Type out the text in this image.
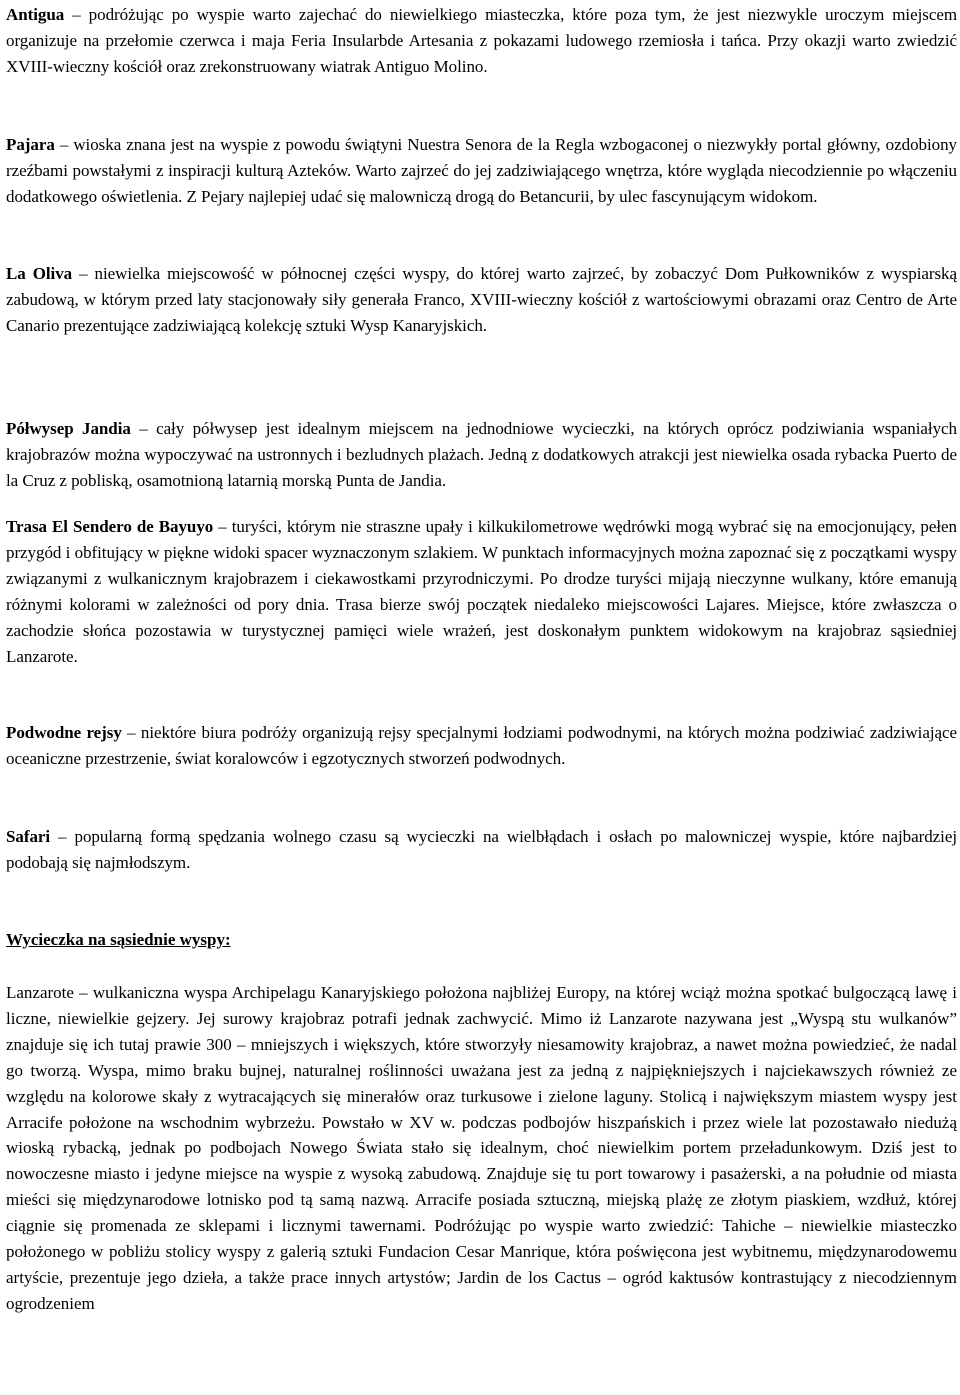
Antigua – podróżując po wyspie warto zajechać do niewielkiego miasteczka, które poza tym, że jest niezwykle uroczym miejscem organizuje na przełomie czerwca i maja Feria Insularbde Artesania z pokazami ludowego rzemiosła i tańca. Przy okazji warto zwiedzić XVIII-wieczny kościół oraz zrekonstruowany wiatrak Antiguo Molino.

Pajara – wioska znana jest na wyspie z powodu świątyni Nuestra Senora de la Regla wzbogaconej o niezwykły portal główny, ozdobiony rzeźbami powstałymi z inspiracji kulturą Azteków. Warto zajrzeć do jej zadziwiającego wnętrza, które wygląda niecodziennie po włączeniu dodatkowego oświetlenia. Z Pejary najlepiej udać się malowniczą drogą do Betancurii, by ulec fascynującym widokom.

La Oliva – niewielka miejscowość w północnej części wyspy, do której warto zajrzeć, by zobaczyć Dom Pułkowników z wyspiarską zabudową, w którym przed laty stacjonowały siły generała Franco, XVIII-wieczny kościół z wartościowymi obrazami oraz Centro de Arte Canario prezentujące zadziwiającą kolekcję sztuki Wysp Kanaryjskich.

Półwysep Jandia – cały półwysep jest idealnym miejscem na jednodniowe wycieczki, na których oprócz podziwiania wspaniałych krajobrazów można wypoczywać na ustronnych i bezludnych plażach. Jedną z dodatkowych atrakcji jest niewielka osada rybacka Puerto de la Cruz z pobliską, osamotnioną latarnią morską Punta de Jandia.

Trasa El Sendero de Bayuyo – turyści, którym nie straszne upały i kilkukilometrowe wędrówki mogą wybrać się na emocjonujący, pełen przygód i obfitujący w piękne widoki spacer wyznaczonym szlakiem. W punktach informacyjnych można zapoznać się z początkami wyspy związanymi z wulkanicznym krajobrazem i ciekawostkami przyrodniczymi. Po drodze turyści mijają nieczynne wulkany, które emanują różnymi kolorami w zależności od pory dnia. Trasa bierze swój początek niedaleko miejscowości Lajares. Miejsce, które zwłaszcza o zachodzie słońca pozostawia w turystycznej pamięci wiele wrażeń, jest doskonałym punktem widokowym na krajobraz sąsiedniej Lanzarote.

Podwodne rejsy – niektóre biura podróży organizują rejsy specjalnymi łodziami podwodnymi, na których można podziwiać zadziwiające oceaniczne przestrzenie, świat koralowców i egzotycznych stworzeń podwodnych.

Safari – popularną formą spędzania wolnego czasu są wycieczki na wielbłądach i osłach po malowniczej wyspie, które najbardziej podobają się najmłodszym.

Wycieczka na sąsiednie wyspy:

Lanzarote – wulkaniczna wyspa Archipelagu Kanaryjskiego położona najbliżej Europy, na której wciąż można spotkać bulgoczącą lawę i liczne, niewielkie gejzery. Jej surowy krajobraz potrafi jednak zachwycić. Mimo iż Lanzarote nazywana jest „Wyspą stu wulkanów” znajduje się ich tutaj prawie 300 – mniejszych i większych, które stworzyły niesamowity krajobraz, a nawet można powiedzieć, że nadal go tworzą. Wyspa, mimo braku bujnej, naturalnej roślinności uważana jest za jedną z najpiękniejszych i najciekawszych również ze względu na kolorowe skały z wytracających się minerałów oraz turkusowe i zielone laguny. Stolicą i największym miastem wyspy jest Arracife położone na wschodnim wybrzeżu. Powstało w XV w. podczas podbojów hiszpańskich i przez wiele lat pozostawało niedużą wioską rybacką, jednak po podbojach Nowego Świata stało się idealnym, choć niewielkim portem przeładunkowym. Dziś jest to nowoczesne miasto i jedyne miejsce na wyspie z wysoką zabudową. Znajduje się tu port towarowy i pasażerski, a na południe od miasta mieści się międzynarodowe lotnisko pod tą samą nazwą. Arracife posiada sztuczną, miejską plażę ze złotym piaskiem, wzdłuż, której ciągnie się promenada ze sklepami i licznymi tawernami. Podróżując po wyspie warto zwiedzić: Tahiche – niewielkie miasteczko położonego w pobliżu stolicy wyspy z galerią sztuki Fundacion Cesar Manrique, która poświęcona jest wybitnemu, międzynarodowemu artyście, prezentuje jego dzieła, a także prace innych artystów; Jardin de los Cactus – ogród kaktusów kontrastujący z niecodziennym ogrodzeniem
